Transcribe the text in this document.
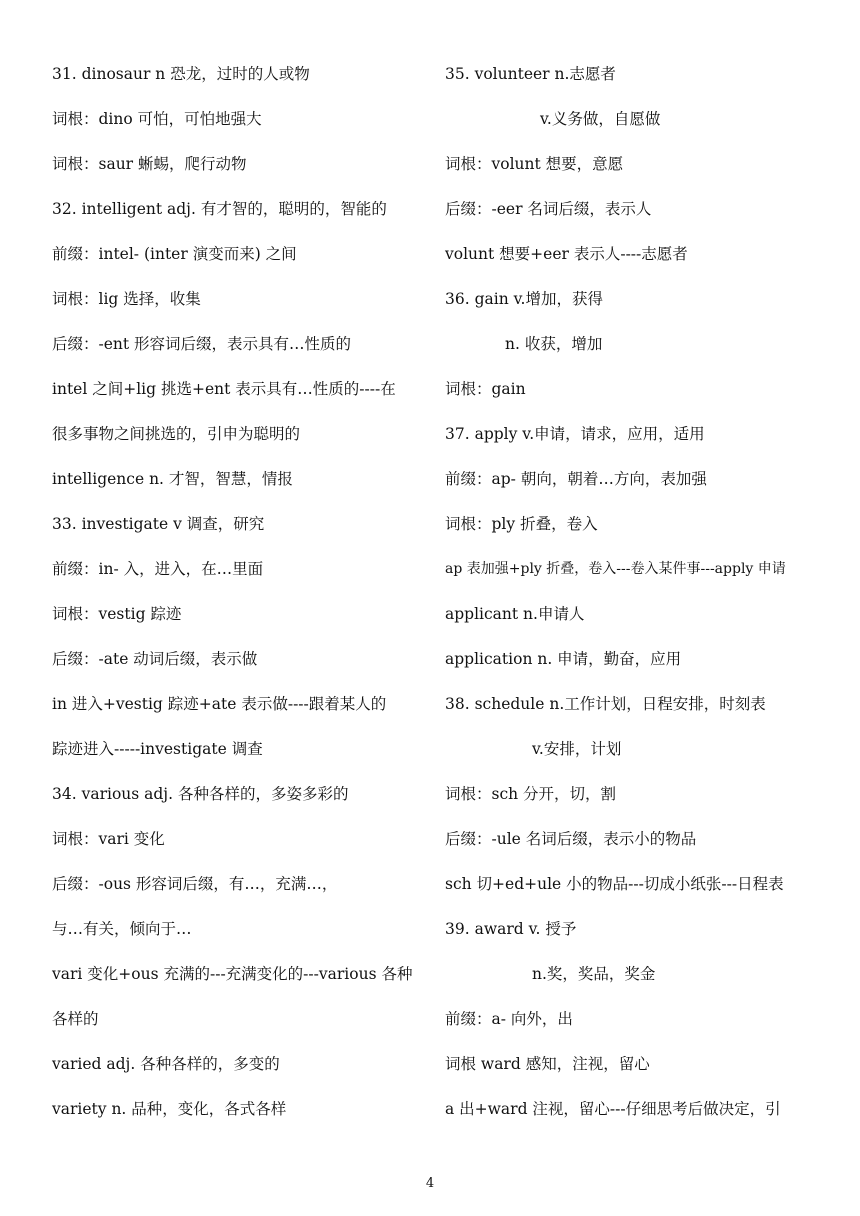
31. dinosaur n 恐龙，过时的人或物
词根：dino 可怕，可怕地强大
词根：saur 蜥蜴，爬行动物
32. intelligent adj. 有才智的，聪明的，智能的
前缀：intel- (inter 演变而来) 之间
词根：lig 选择，收集
后缀：-ent 形容词后缀，表示具有…性质的
intel 之间+lig 挑选+ent 表示具有…性质的----在
很多事物之间挑选的，引申为聪明的
intelligence n. 才智，智慧，情报
33. investigate v 调查，研究
前缀：in- 入，进入，在…里面
词根：vestig 踪迹
后缀：-ate 动词后缀，表示做
in 进入+vestig 踪迹+ate 表示做----跟着某人的
踪迹进入-----investigate 调查
34. various adj. 各种各样的，多姿多彩的
词根：vari 变化
后缀：-ous 形容词后缀，有…，充满…，
与…有关，倾向于…
vari 变化+ous 充满的---充满变化的---various 各种
各样的
varied adj. 各种各样的，多变的
variety n. 品种，变化，各式各样
35. volunteer n.志愿者
v.义务做，自愿做
词根：volunt 想要，意愿
后缀：-eer 名词后缀，表示人
volunt 想要+eer 表示人----志愿者
36. gain v.增加，获得
n. 收获，增加
词根：gain
37. apply v.申请，请求，应用，适用
前缀：ap- 朝向，朝着…方向，表加强
词根：ply 折叠，卷入
ap 表加强+ply 折叠，卷入---卷入某件事---apply 申请
applicant n.申请人
application n. 申请，勤奋，应用
38. schedule n.工作计划，日程安排，时刻表
v.安排，计划
词根：sch 分开，切，割
后缀：-ule 名词后缀，表示小的物品
sch 切+ed+ule 小的物品---切成小纸张---日程表
39. award v. 授予
n.奖，奖品，奖金
前缀：a- 向外，出
词根 ward 感知，注视，留心
a 出+ward 注视，留心---仔细思考后做决定，引
4
